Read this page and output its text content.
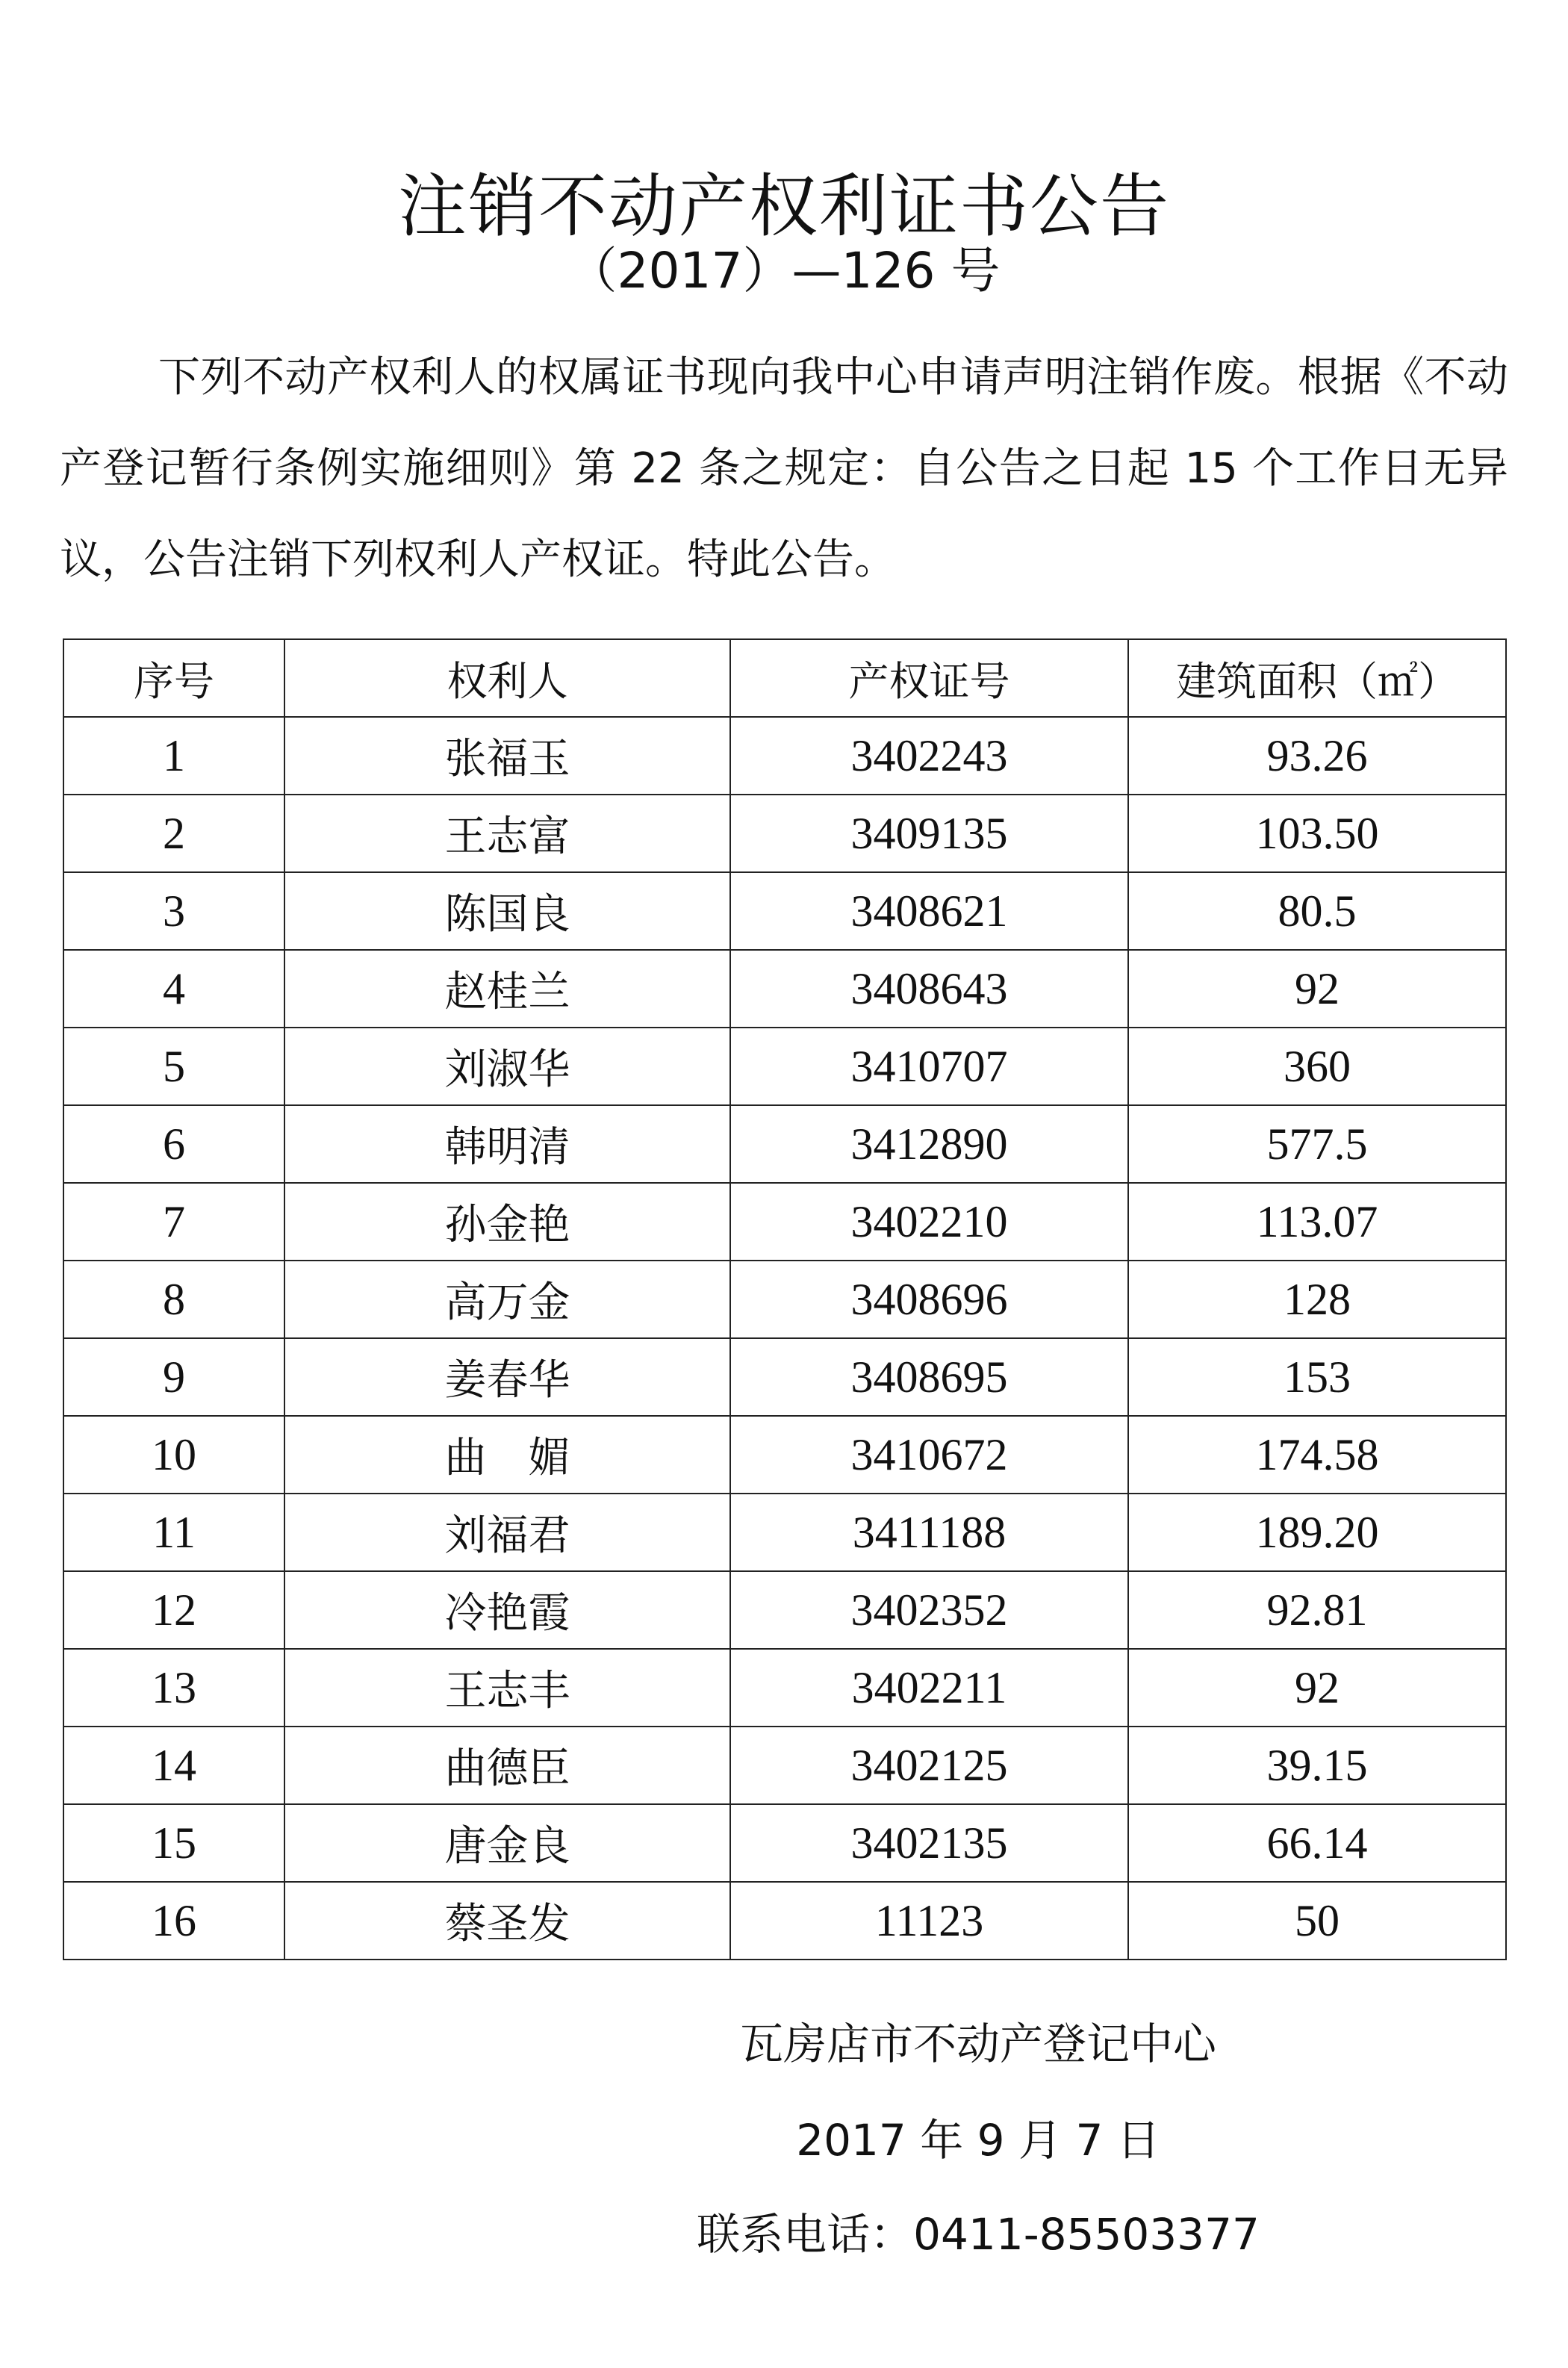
注销不动产权利证书公告
（2017）—126 号

下列不动产权利人的权属证书现向我中心申请声明注销作废。根据《不动产登记暂行条例实施细则》第 22 条之规定：自公告之日起 15 个工作日无异议，公告注销下列权利人产权证。特此公告。

序号	权利人	产权证号	建筑面积（㎡）
1	张福玉	3402243	93.26
2	王志富	3409135	103.50
3	陈国良	3408621	80.5
4	赵桂兰	3408643	92
5	刘淑华	3410707	360
6	韩明清	3412890	577.5
7	孙金艳	3402210	113.07
8	高万金	3408696	128
9	姜春华	3408695	153
10	曲　媚	3410672	174.58
11	刘福君	3411188	189.20
12	冷艳霞	3402352	92.81
13	王志丰	3402211	92
14	曲德臣	3402125	39.15
15	唐金良	3402135	66.14
16	蔡圣发	11123	50
瓦房店市不动产登记中心
2017 年 9 月 7 日
联系电话：0411-85503377
